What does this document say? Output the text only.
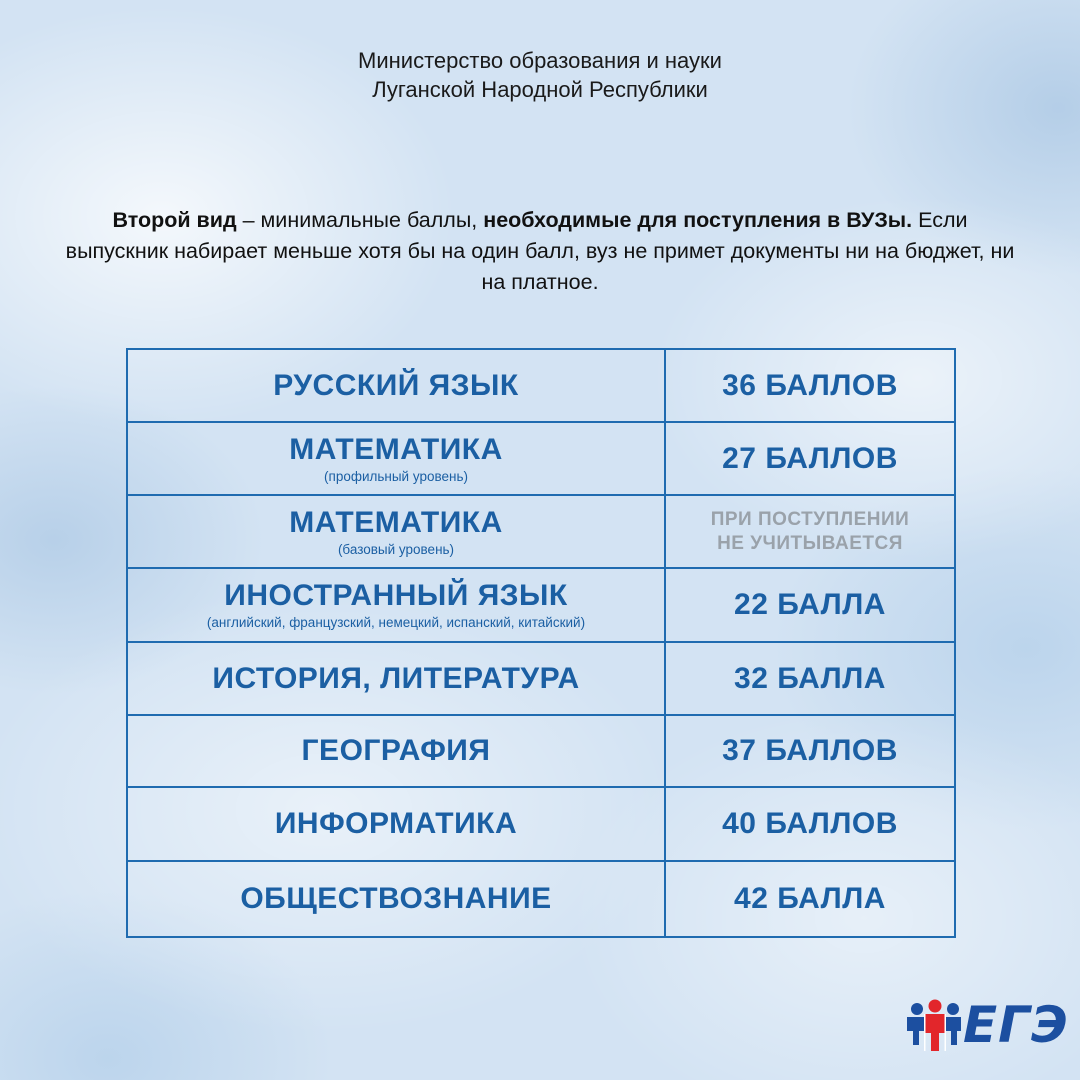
Министерство образования и науки
Луганской Народной Республики
Второй вид – минимальные баллы, необходимые для поступления в ВУЗы. Если выпускник набирает меньше хотя бы на один балл, вуз не примет документы ни на бюджет, ни на платное.
РУССКИЙ ЯЗЫК	36 БАЛЛОВ

МАТЕМАТИКА
(профильный уровень)	27 БАЛЛОВ

МАТЕМАТИКА
(базовый уровень)	ПРИ ПОСТУПЛЕНИИ
НЕ УЧИТЫВАЕТСЯ

ИНОСТРАННЫЙ ЯЗЫК
(английский, французский, немецкий, испанский, китайский)	22 БАЛЛА

ИСТОРИЯ, ЛИТЕРАТУРА	32 БАЛЛА

ГЕОГРАФИЯ	37 БАЛЛОВ

ИНФОРМАТИКА	40 БАЛЛОВ

ОБЩЕСТВОЗНАНИЕ	42 БАЛЛА
ЕГЭ
